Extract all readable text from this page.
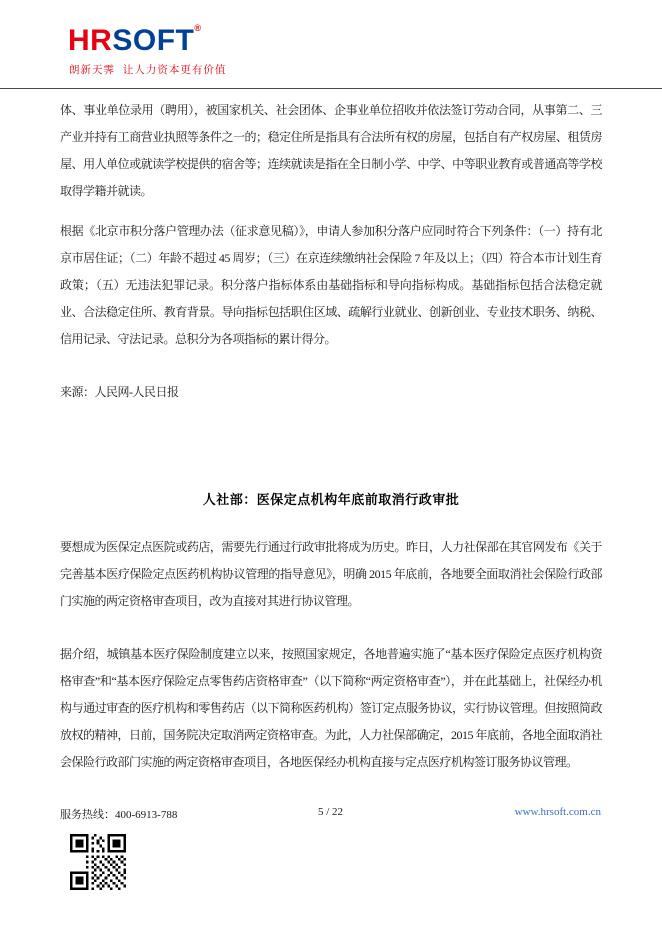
HRSOFT®
朗新天霁  让人力资本更有价值

体、事业单位录用（聘用），被国家机关、社会团体、企事业单位招收并依法签订劳动合同，从事第二、三产业并持有工商营业执照等条件之一的；稳定住所是指具有合法所有权的房屋，包括自有产权房屋、租赁房屋、用人单位或就读学校提供的宿舍等；连续就读是指在全日制小学、中学、中等职业教育或普通高等学校取得学籍并就读。

根据《北京市积分落户管理办法（征求意见稿）》，申请人参加积分落户应同时符合下列条件：（一）持有北京市居住证；（二）年龄不超过 45 周岁；（三）在京连续缴纳社会保险 7 年及以上；（四）符合本市计划生育政策；（五）无违法犯罪记录。积分落户指标体系由基础指标和导向指标构成。基础指标包括合法稳定就业、合法稳定住所、教育背景。导向指标包括职住区域、疏解行业就业、创新创业、专业技术职务、纳税、信用记录、守法记录。总积分为各项指标的累计得分。

来源：人民网-人民日报

人社部：医保定点机构年底前取消行政审批

要想成为医保定点医院或药店，需要先行通过行政审批将成为历史。昨日，人力社保部在其官网发布《关于完善基本医疗保险定点医药机构协议管理的指导意见》，明确 2015 年底前，各地要全面取消社会保险行政部门实施的两定资格审查项目，改为直接对其进行协议管理。

据介绍，城镇基本医疗保险制度建立以来，按照国家规定，各地普遍实施了“基本医疗保险定点医疗机构资格审查”和“基本医疗保险定点零售药店资格审查”（以下简称“两定资格审查”），并在此基础上，社保经办机构与通过审查的医疗机构和零售药店（以下简称医药机构）签订定点服务协议，实行协议管理。但按照简政放权的精神，日前，国务院决定取消两定资格审查。为此，人力社保部确定，2015 年底前，各地全面取消社会保险行政部门实施的两定资格审查项目，各地医保经办机构直接与定点医疗机构签订服务协议管理。

服务热线：400-6913-788	5 / 22	www.hrsoft.com.cn
